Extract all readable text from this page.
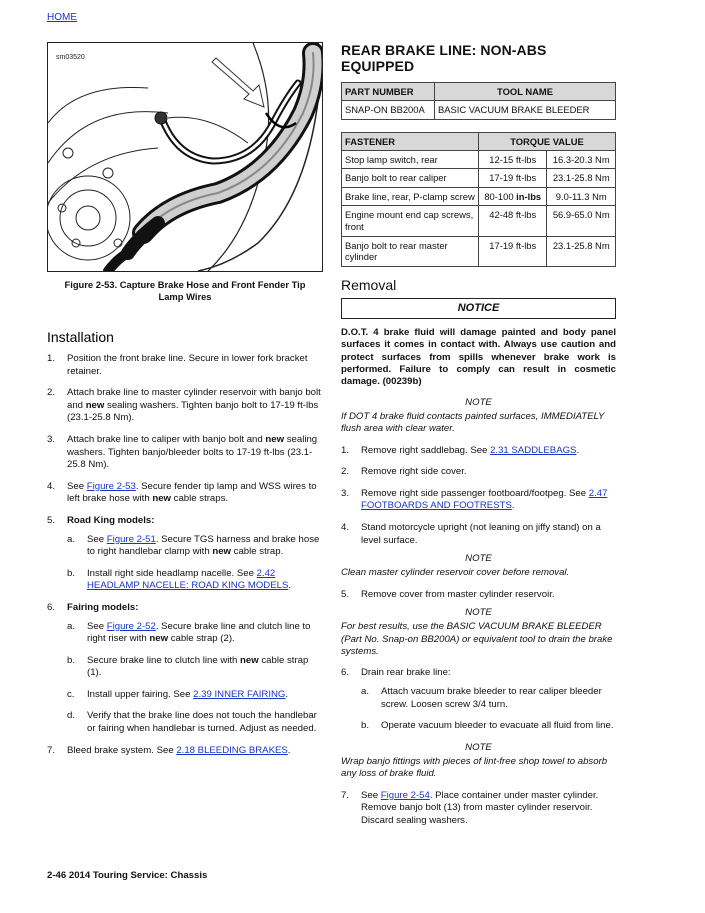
HOME
sm03520
Figure 2-53. Capture Brake Hose and Front Fender Tip Lamp Wires
Installation
1. Position the front brake line. Secure in lower fork bracket retainer.
2. Attach brake line to master cylinder reservoir with banjo bolt and new sealing washers. Tighten banjo bolt to 17-19 ft-lbs (23.1-25.8 Nm).
3. Attach brake line to caliper with banjo bolt and new sealing washers. Tighten banjo/bleeder bolts to 17-19 ft-lbs (23.1-25.8 Nm).
4. See Figure 2-53. Secure fender tip lamp and WSS wires to left brake hose with new cable straps.
5. Road King models:
a. See Figure 2-51. Secure TGS harness and brake hose to right handlebar clamp with new cable strap.
b. Install right side headlamp nacelle. See 2.42 HEADLAMP NACELLE: ROAD KING MODELS.
6. Fairing models:
a. See Figure 2-52. Secure brake line and clutch line to right riser with new cable strap (2).
b. Secure brake line to clutch line with new cable strap (1).
c. Install upper fairing. See 2.39 INNER FAIRING.
d. Verify that the brake line does not touch the handlebar or fairing when handlebar is turned. Adjust as needed.
7. Bleed brake system. See 2.18 BLEEDING BRAKES.
REAR BRAKE LINE: NON-ABS EQUIPPED
PART NUMBER	TOOL NAME
SNAP-ON BB200A	BASIC VACUUM BRAKE BLEEDER
FASTENER	TORQUE VALUE	
Stop lamp switch, rear	12-15 ft-lbs	16.3-20.3 Nm
Banjo bolt to rear caliper	17-19 ft-lbs	23.1-25.8 Nm
Brake line, rear, P-clamp screw	80-100 in-lbs	9.0-11.3 Nm
Engine mount end cap screws, front	42-48 ft-lbs	56.9-65.0 Nm
Banjo bolt to rear master cylinder	17-19 ft-lbs	23.1-25.8 Nm
Removal
NOTICE
D.O.T. 4 brake fluid will damage painted and body panel surfaces it comes in contact with. Always use caution and protect surfaces from spills whenever brake work is performed. Failure to comply can result in cosmetic damage. (00239b)
NOTE
If DOT 4 brake fluid contacts painted surfaces, IMMEDIATELY flush area with clear water.
1. Remove right saddlebag. See 2.31 SADDLEBAGS.
2. Remove right side cover.
3. Remove right side passenger footboard/footpeg. See 2.47 FOOTBOARDS AND FOOTRESTS.
4. Stand motorcycle upright (not leaning on jiffy stand) on a level surface.
NOTE
Clean master cylinder reservoir cover before removal.
5. Remove cover from master cylinder reservoir.
NOTE
For best results, use the BASIC VACUUM BRAKE BLEEDER (Part No. Snap-on BB200A) or equivalent tool to drain the brake systems.
6. Drain rear brake line:
a. Attach vacuum brake bleeder to rear caliper bleeder screw. Loosen screw 3/4 turn.
b. Operate vacuum bleeder to evacuate all fluid from line.
NOTE
Wrap banjo fittings with pieces of lint-free shop towel to absorb any loss of brake fluid.
7. See Figure 2-54. Place container under master cylinder. Remove banjo bolt (13) from master cylinder reservoir. Discard sealing washers.
2-46 2014 Touring Service: Chassis
